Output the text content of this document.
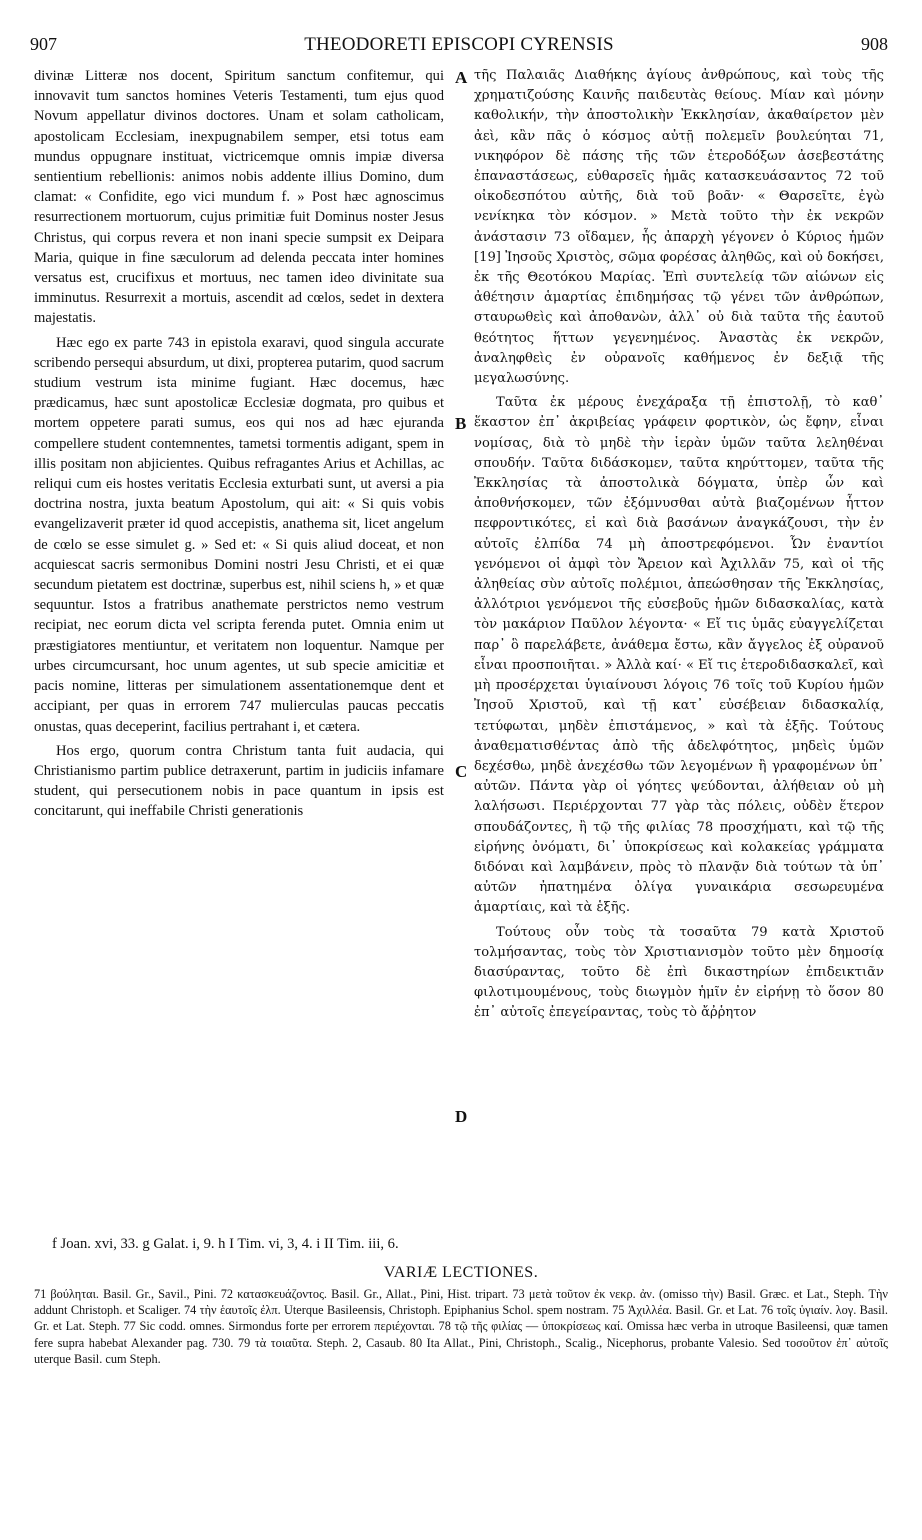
907	THEODORETI EPISCOPI CYRENSIS	908

divinæ Litteræ nos docent, Spiritum sanctum confitemur, qui innovavit tum sanctos homines Veteris Testamenti, tum ejus quod Novum appellatur divinos doctores. Unam et solam catholicam, apostolicam Ecclesiam, inexpugnabilem semper, etsi totus eam mundus oppugnare instituat, victricemque omnis impiæ diversa sentientium rebellionis: animos nobis addente illius Domino, dum clamat: « Confidite, ego vici mundum f. » Post hæc agnoscimus resurrectionem mortuorum, cujus primitiæ fuit Dominus noster Jesus Christus, qui corpus revera et non inani specie sumpsit ex Deipara Maria, quique in fine sæculorum ad delenda peccata inter homines versatus est, crucifixus et mortuus, nec tamen ideo divinitate sua imminutus. Resurrexit a mortuis, ascendit ad cœlos, sedet in dextera majestatis.

Hæc ego ex parte 743 in epistola exaravi, quod singula accurate scribendo persequi absurdum, ut dixi, propterea putarim, quod sacrum studium vestrum ista minime fugiant. Hæc docemus, hæc prædicamus, hæc sunt apostolicæ Ecclesiæ dogmata, pro quibus et mortem oppetere parati sumus, eos qui nos ad hæc ejuranda compellere student contemnentes, tametsi tormentis adigant, spem in illis positam non abjicientes. Quibus refragantes Arius et Achillas, ac reliqui cum eis hostes veritatis Ecclesia exturbati sunt, ut aversi a pia doctrina nostra, juxta beatum Apostolum, qui ait: « Si quis vobis evangelizaverit præter id quod accepistis, anathema sit, licet angelum de cœlo se esse simulet g. » Sed et: « Si quis aliud doceat, et non acquiescat sacris sermonibus Domini nostri Jesu Christi, et ei quæ secundum pietatem est doctrinæ, superbus est, nihil sciens h, » et quæ sequuntur. Istos a fratribus anathemate perstrictos nemo vestrum recipiat, nec eorum dicta vel scripta ferenda putet. Omnia enim ut præstigiatores mentiuntur, et veritatem non loquentur. Namque per urbes circumcursant, hoc unum agentes, ut sub specie amicitiæ et pacis nomine, litteras per simulationem assentationemque dent et accipiant, per quas in errorem 747 mulierculas paucas peccatis onustas, quas deceperint, facilius pertrahant i, et cætera.

Hos ergo, quorum contra Christum tanta fuit audacia, qui Christianismo partim publice detraxerunt, partim in judiciis infamare student, qui persecutionem nobis in pace quantum in ipsis est concitarunt, qui ineffabile Christi generationis

A
B
C
D

τῆς Παλαιᾶς Διαθήκης ἁγίους ἀνθρώπους, καὶ τοὺς τῆς χρηματιζούσης Καινῆς παιδευτὰς θείους. Μίαν καὶ μόνην καθολικήν, τὴν ἀποστολικὴν Ἐκκλησίαν, ἀκαθαίρετον μὲν ἀεὶ, κἂν πᾶς ὁ κόσμος αὐτῇ πολεμεῖν βουλεύηται 71, νικηφόρον δὲ πάσης τῆς τῶν ἑτεροδόξων ἀσεβεστάτης ἐπαναστάσεως, εὐθαρσεῖς ἡμᾶς κατασκευάσαντος 72 τοῦ οἰκοδεσπότου αὐτῆς, διὰ τοῦ βοᾶν· « Θαρσεῖτε, ἐγὼ νενίκηκα τὸν κόσμον. » Μετὰ τοῦτο τὴν ἐκ νεκρῶν ἀνάστασιν 73 οἴδαμεν, ἧς ἀπαρχὴ γέγονεν ὁ Κύριος ἡμῶν [19] Ἰησοῦς Χριστὸς, σῶμα φορέσας ἀληθῶς, καὶ οὐ δοκήσει, ἐκ τῆς Θεοτόκου Μαρίας. Ἐπὶ συντελείᾳ τῶν αἰώνων εἰς ἀθέτησιν ἁμαρτίας ἐπιδημήσας τῷ γένει τῶν ἀνθρώπων, σταυρωθεὶς καὶ ἀποθανὼν, ἀλλ᾽ οὐ διὰ ταῦτα τῆς ἑαυτοῦ θεότητος ἥττων γεγενημένος. Ἀναστὰς ἐκ νεκρῶν, ἀναληφθεὶς ἐν οὐρανοῖς καθήμενος ἐν δεξιᾷ τῆς μεγαλωσύνης.

Ταῦτα ἐκ μέρους ἐνεχάραξα τῇ ἐπιστολῇ, τὸ καθ᾽ ἕκαστον ἐπ᾽ ἀκριβείας γράφειν φορτικὸν, ὡς ἔφην, εἶναι νομίσας, διὰ τὸ μηδὲ τὴν ἱερὰν ὑμῶν ταῦτα λεληθέναι σπουδήν. Ταῦτα διδάσκομεν, ταῦτα κηρύττομεν, ταῦτα τῆς Ἐκκλησίας τὰ ἀποστολικὰ δόγματα, ὑπὲρ ὧν καὶ ἀποθνήσκομεν, τῶν ἐξόμνυσθαι αὐτὰ βιαζομένων ἧττον πεφροντικότες, εἰ καὶ διὰ βασάνων ἀναγκάζουσι, τὴν ἐν αὐτοῖς ἐλπίδα 74 μὴ ἀποστρεφόμενοι. Ὧν ἐναντίοι γενόμενοι οἱ ἀμφὶ τὸν Ἄρειον καὶ Ἀχιλλᾶν 75, καὶ οἱ τῆς ἀληθείας σὺν αὐτοῖς πολέμιοι, ἀπεώσθησαν τῆς Ἐκκλησίας, ἀλλότριοι γενόμενοι τῆς εὐσεβοῦς ἡμῶν διδασκαλίας, κατὰ τὸν μακάριον Παῦλον λέγοντα· « Εἴ τις ὑμᾶς εὐαγγελίζεται παρ᾽ ὃ παρελάβετε, ἀνάθεμα ἔστω, κἂν ἄγγελος ἐξ οὐρανοῦ εἶναι προσποιῆται. » Ἀλλὰ καί· « Εἴ τις ἑτεροδιδασκαλεῖ, καὶ μὴ προσέρχεται ὑγιαίνουσι λόγοις 76 τοῖς τοῦ Κυρίου ἡμῶν Ἰησοῦ Χριστοῦ, καὶ τῇ κατ᾽ εὐσέβειαν διδασκαλίᾳ, τετύφωται, μηδὲν ἐπιστάμενος, » καὶ τὰ ἑξῆς. Τούτους ἀναθεματισθέντας ἀπὸ τῆς ἀδελφότητος, μηδεὶς ὑμῶν δεχέσθω, μηδὲ ἀνεχέσθω τῶν λεγομένων ἢ γραφομένων ὑπ᾽ αὐτῶν. Πάντα γὰρ οἱ γόητες ψεύδονται, ἀλήθειαν οὐ μὴ λαλήσωσι. Περιέρχονται 77 γὰρ τὰς πόλεις, οὐδὲν ἕτερον σπουδάζοντες, ἢ τῷ τῆς φιλίας 78 προσχήματι, καὶ τῷ τῆς εἰρήνης ὀνόματι, δι᾽ ὑποκρίσεως καὶ κολακείας γράμματα διδόναι καὶ λαμβάνειν, πρὸς τὸ πλανᾷν διὰ τούτων τὰ ὑπ᾽ αὐτῶν ἠπατημένα ὀλίγα γυναικάρια σεσωρευμένα ἁμαρτίαις, καὶ τὰ ἑξῆς.

Τούτους οὖν τοὺς τὰ τοσαῦτα 79 κατὰ Χριστοῦ τολμήσαντας, τοὺς τὸν Χριστιανισμὸν τοῦτο μὲν δημοσίᾳ διασύραντας, τοῦτο δὲ ἐπὶ δικαστηρίων ἐπιδεικτιᾶν φιλοτιμουμένους, τοὺς διωγμὸν ἡμῖν ἐν εἰρήνῃ τὸ ὅσον 80 ἐπ᾽ αὐτοῖς ἐπεγείραντας, τοὺς τὸ ἄῤῥητον

f Joan. xvi, 33. g Galat. i, 9. h I Tim. vi, 3, 4. i II Tim. iii, 6.
VARIÆ LECTIONES.
71 βούληται. Basil. Gr., Savil., Pini. 72 κατασκευάζοντος. Basil. Gr., Allat., Pini, Hist. tripart. 73 μετὰ τοῦτον ἐκ νεκρ. ἀν. (omisso τὴν) Basil. Græc. et Lat., Steph. Τὴν addunt Christoph. et Scaliger. 74 τὴν ἑαυτοῖς ἐλπ. Uterque Basileensis, Christoph. Epiphanius Schol. spem nostram. 75 Ἀχιλλέα. Basil. Gr. et Lat. 76 τοῖς ὑγιαίν. λογ. Basil. Gr. et Lat. Steph. 77 Sic codd. omnes. Sirmondus forte per errorem περιέχονται. 78 τῷ τῆς φιλίας — ὑποκρίσεως καί. Omissa hæc verba in utroque Basileensi, quæ tamen fere supra habebat Alexander pag. 730. 79 τὰ τοιαῦτα. Steph. 2, Casaub. 80 Ita Allat., Pini, Christoph., Scalig., Nicephorus, probante Valesio. Sed τοσοῦτον ἐπ᾽ αὐτοῖς uterque Basil. cum Steph.
